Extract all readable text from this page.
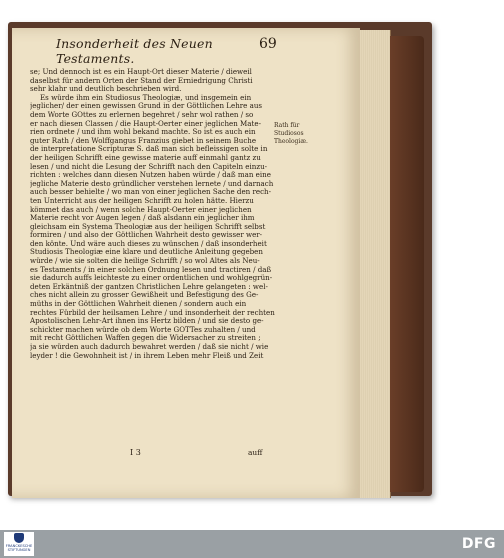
Insonderheit des Neuen Testaments.
69
se; Und dennoch ist es ein Haupt-Ort dieser Materie / dieweil
daselbst für andern Orten der Stand der Erniedrigung Christi
sehr klahr und deutlich beschrieben wird.
Es würde ihm ein Studiosus Theologiæ, und insgemein ein
jeglicher/ der einen gewissen Grund in der Göttlichen Lehre aus
dem Worte GOttes zu erlernen begehret / sehr wol rathen / so
er nach diesen Classen / die Haupt-Oerter einer jeglichen Mate-
rien ordnete / und ihm wohl bekand machte. So ist es auch ein
guter Rath / den Wolffgangus Franzius giebet in seinem Buche
de interpretatione Scripturæ S. daß man sich befleissigen solte in
der heiligen Schrifft eine gewisse materie auff einmahl gantz zu
lesen / und nicht die Lesung der Schrifft nach den Capiteln einzu-
richten : welches dann diesen Nutzen haben würde / daß man eine
jegliche Materie desto gründlicher verstehen lernete / und darnach
auch besser behielte / wo man von einer jeglichen Sache den rech-
ten Unterricht aus der heiligen Schrifft zu holen hätte. Hierzu
kömmet das auch / wenn solche Haupt-Oerter einer jeglichen
Materie recht vor Augen legen / daß alsdann ein jeglicher ihm
gleichsam ein Systema Theologiæ aus der heiligen Schrifft selbst
formiren / und also der Göttlichen Wahrheit desto gewisser wer-
den könte. Und wäre auch dieses zu wünschen / daß insonderheit
Studiosis Theologiæ eine klare und deutliche Anleitung gegeben
würde / wie sie solten die heilige Schrifft / so wol Altes als Neu-
es Testaments / in einer solchen Ordnung lesen und tractiren / daß
sie dadurch auffs leichteste zu einer ordentlichen und wohlgegrün-
deten Erkäntniß der gantzen Christlichen Lehre gelangeten : wel-
ches nicht allein zu grosser Gewißheit und Befestigung des Ge-
müths in der Göttlichen Wahrheit dienen / sondern auch ein
rechtes Fürbild der heilsamen Lehre / und insonderheit der rechten
Apostolischen Lehr-Art ihnen ins Hertz bilden / und sie desto ge-
schickter machen würde ob dem Worte GOTTes zuhalten / und
mit recht Göttlichen Waffen gegen die Widersacher zu streiten ;
ja sie würden auch dadurch bewahret werden / daß sie nicht / wie
leyder ! die Gewohnheit ist / in ihrem Leben mehr Fleiß und Zeit
Rath für
Studiosos
Theologiæ.
I 3	auff
FRANCKESCHE STIFTUNGEN	DFG
